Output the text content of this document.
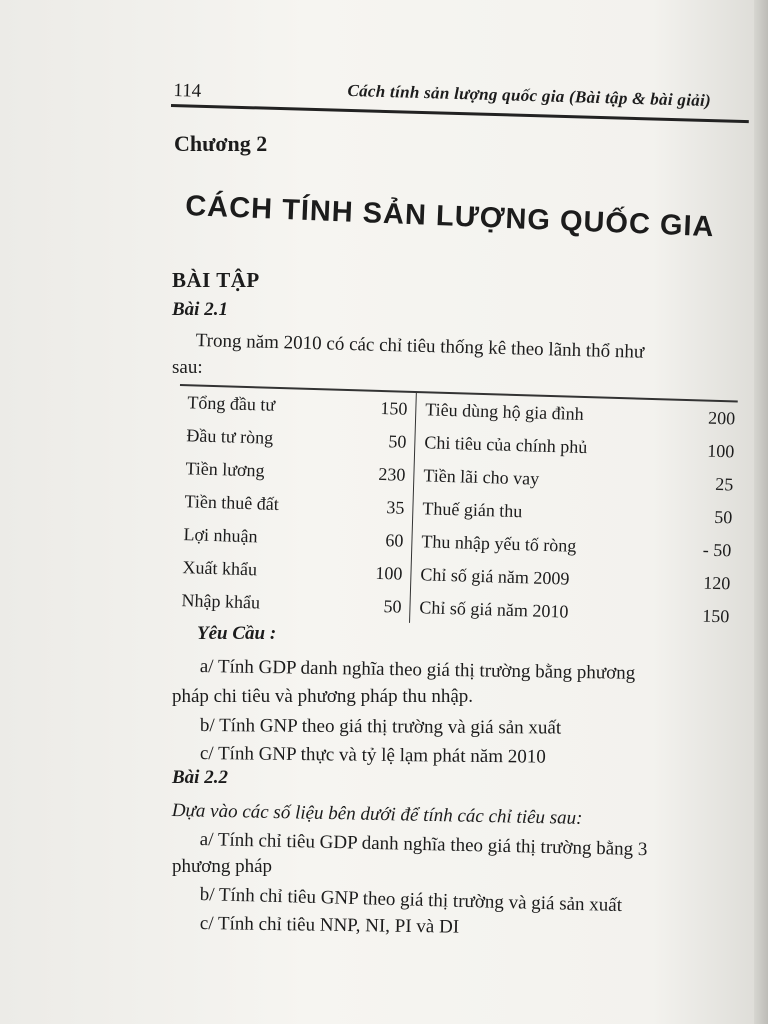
114	Cách tính sản lượng quốc gia (Bài tập & bài giải)
Chương 2
CÁCH TÍNH SẢN LƯỢNG QUỐC GIA
BÀI TẬP
Bài 2.1
Trong năm 2010 có các chỉ tiêu thống kê theo lãnh thổ như
sau:
Tổng đầu tư	150 Tiêu dùng hộ gia đình	200
Đầu tư ròng	50 Chi tiêu của chính phủ	100
Tiền lương	230 Tiền lãi cho vay	25
Tiền thuê đất	35 Thuế gián thu	50
Lợi nhuận	60 Thu nhập yếu tố ròng	- 50
Xuất khẩu	100 Chỉ số giá năm 2009	120
Nhập khẩu	50 Chỉ số giá năm 2010	150
Yêu Cầu :
a/ Tính GDP danh nghĩa theo giá thị trường bằng phương
pháp chi tiêu và phương pháp thu nhập.
b/ Tính GNP theo giá thị trường và giá sản xuất
c/ Tính GNP thực và tỷ lệ lạm phát năm 2010
Bài 2.2
Dựa vào các số liệu bên dưới để tính các chỉ tiêu sau:
a/ Tính chỉ tiêu GDP danh nghĩa theo giá thị trường bằng 3
phương pháp
b/ Tính chỉ tiêu GNP theo giá thị trường và giá sản xuất
c/ Tính chỉ tiêu NNP, NI, PI và DI
